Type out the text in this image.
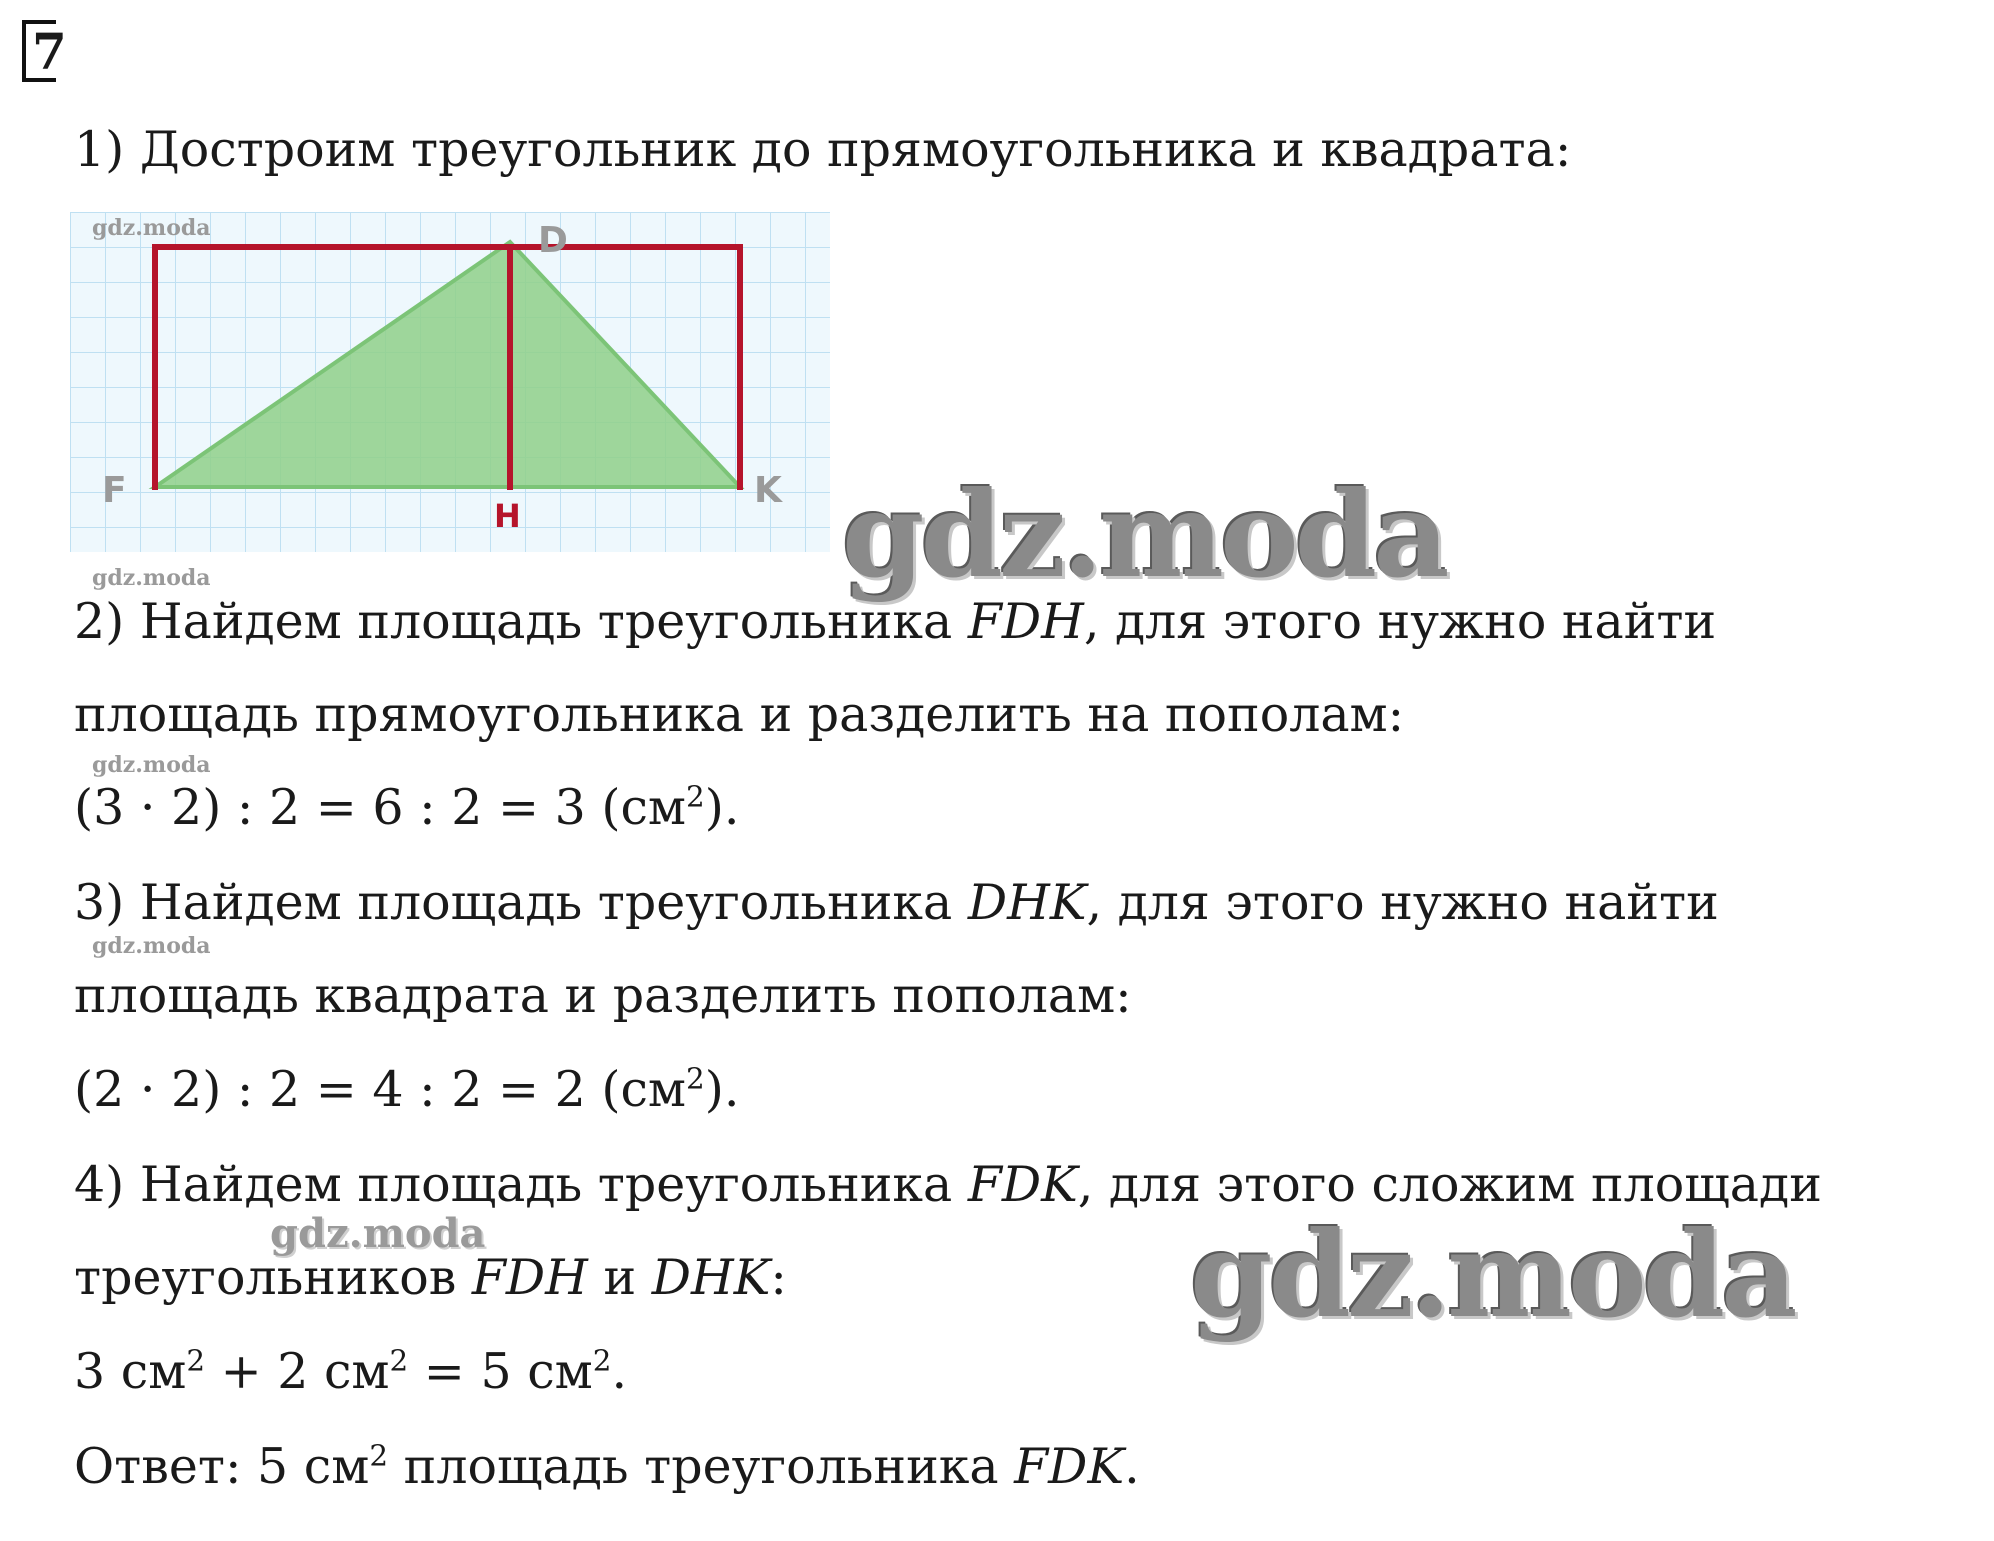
7
1) Достроим треугольник до прямоугольника и квадрата:
D
F
H
K
gdz.moda
gdz.moda
gdz.moda
gdz.moda
gdz.moda
gdz.moda
gdz.moda
2) Найдем площадь треугольника FDH, для этого нужно найти
площадь прямоугольника и разделить на пополам:
(3 · 2) : 2 = 6 : 2 = 3 $(см^2)$.
3) Найдем площадь треугольника DHK, для этого нужно найти
площадь квадрата и разделить пополам:
(2 · 2) : 2 = 4 : 2 = 2 $(см^2)$.
4) Найдем площадь треугольника FDK, для этого сложим площади
треугольников FDH и DHK:
3 $см^2 + 2$ $см^2 = 5$ $см^2$.
Ответ: 5 $см^2$ площадь треугольника FDK.
